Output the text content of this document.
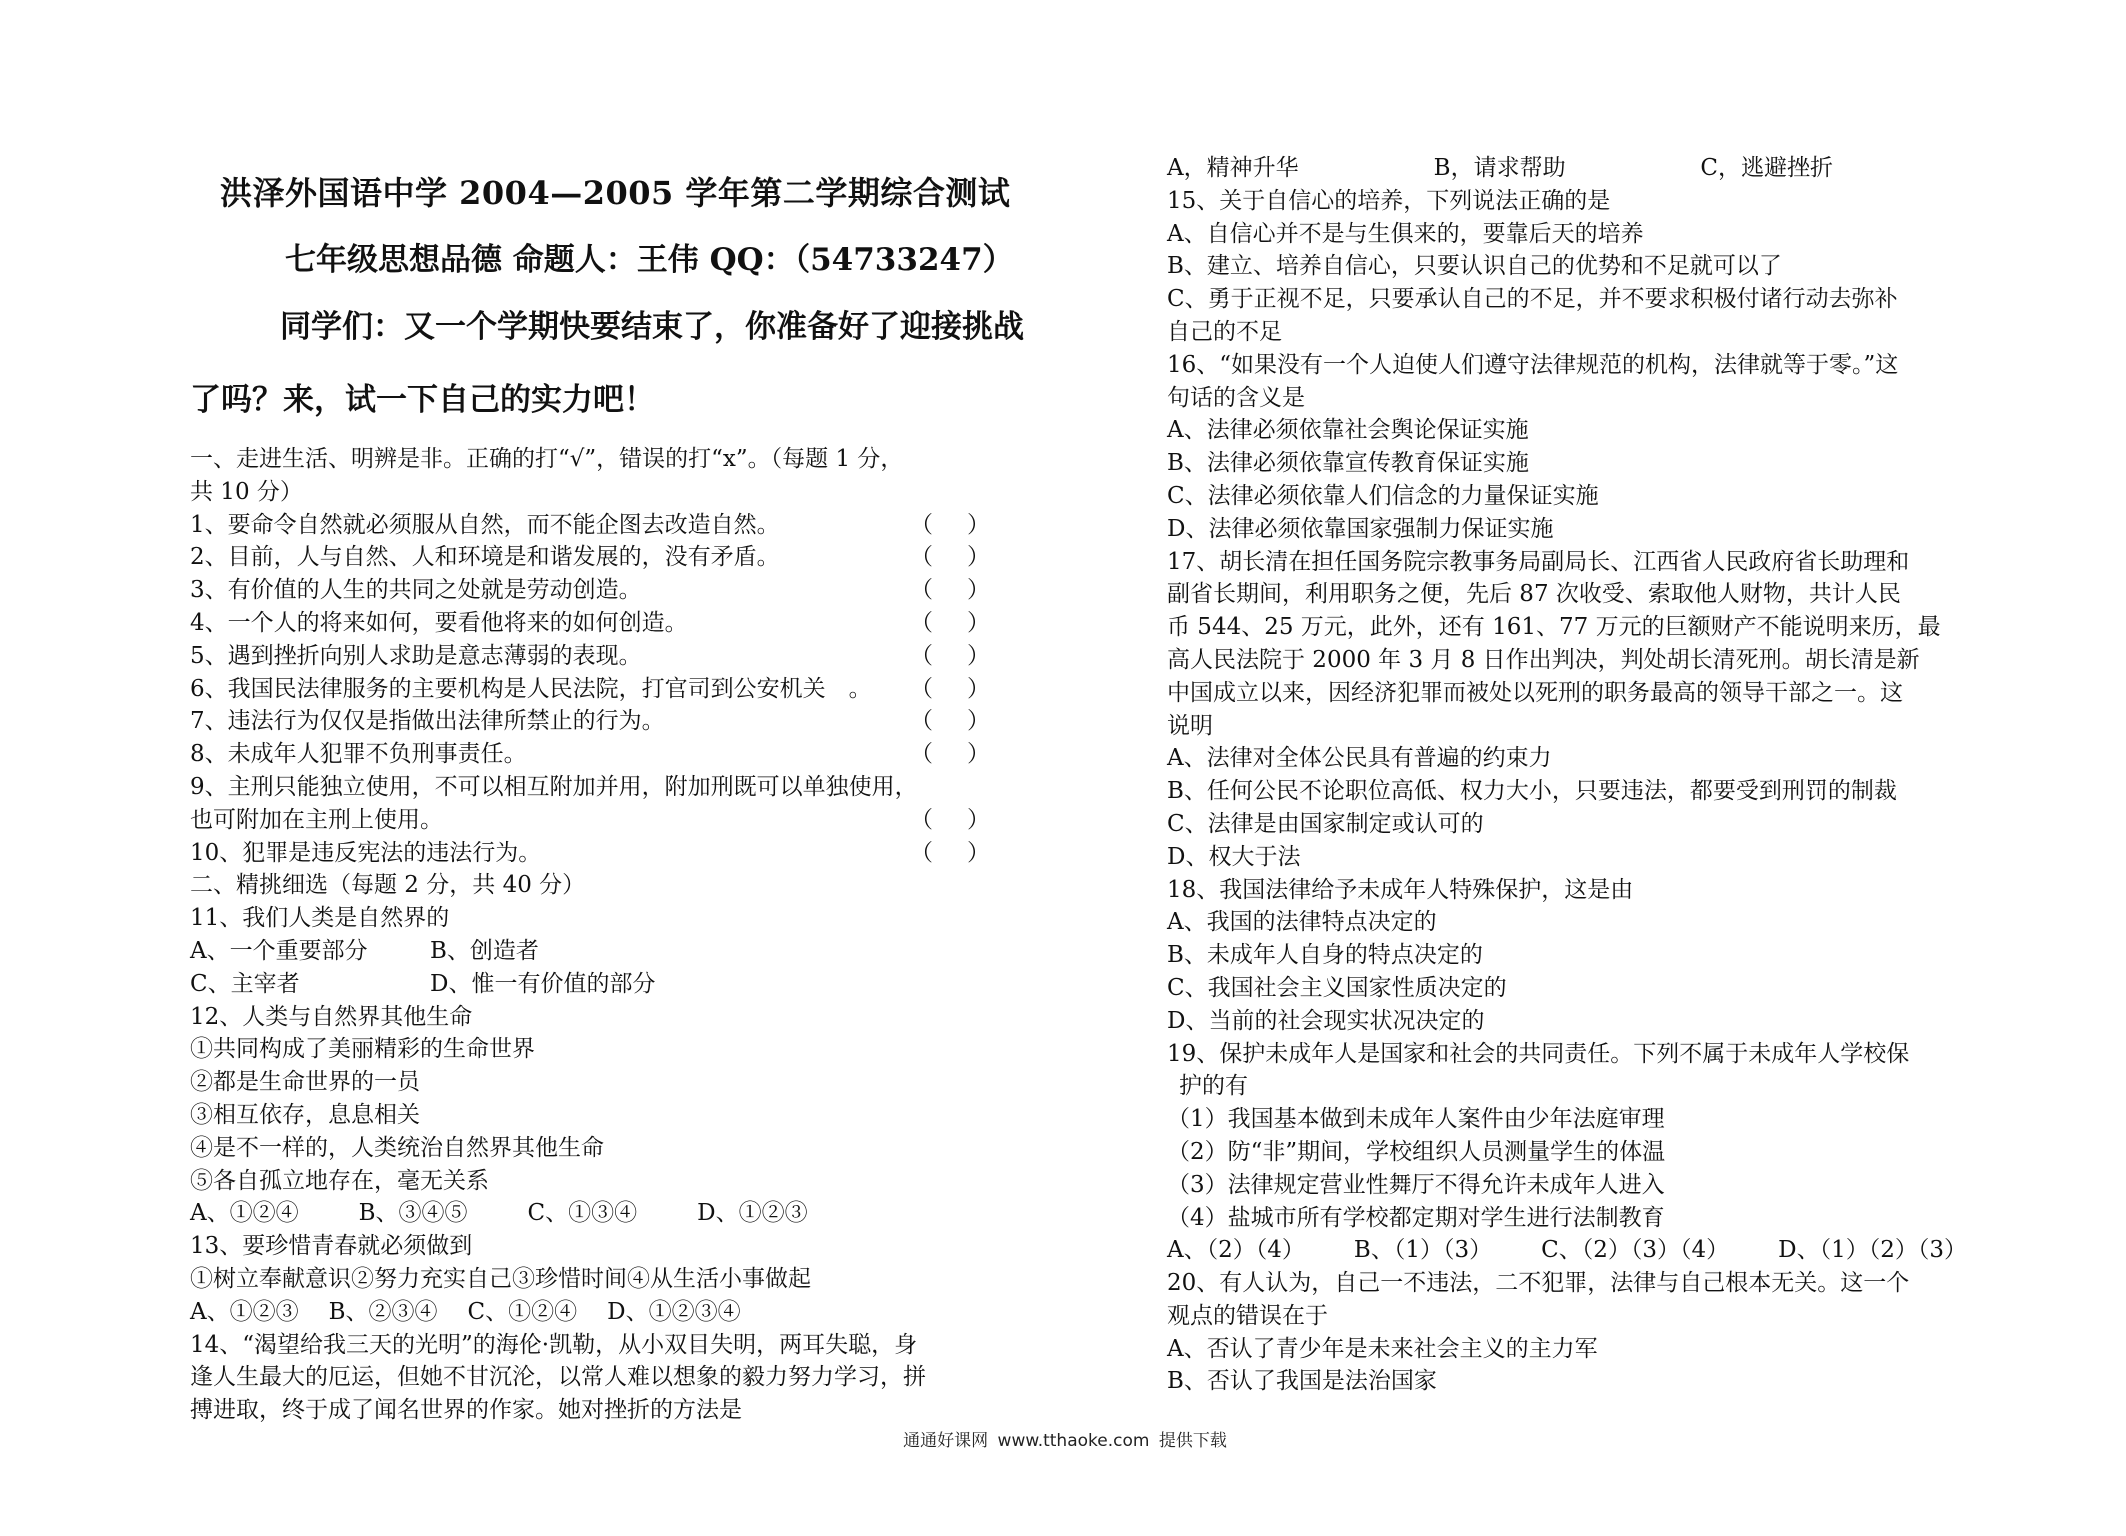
洪泽外国语中学 2004—2005 学年第二学期综合测试
七年级思想品德 命题人：王伟 QQ：（54733247）
同学们：又一个学期快要结束了，你准备好了迎接挑战
了吗？来，试一下自己的实力吧！
一、走进生活、明辨是非。正确的打“√”，错误的打“x”。（每题 1 分，
共 10 分）
1、要命令自然就必须服从自然，而不能企图去改造自然。	（ ）
2、目前，人与自然、人和环境是和谐发展的，没有矛盾。	（ ）
3、有价值的人生的共同之处就是劳动创造。	（ ）
4、一个人的将来如何，要看他将来的如何创造。	（ ）
5、遇到挫折向别人求助是意志薄弱的表现。	（ ）
6、我国民法律服务的主要机构是人民法院，打官司到公安机关　。	（ ）
7、违法行为仅仅是指做出法律所禁止的行为。	（ ）
8、未成年人犯罪不负刑事责任。	（ ）
9、主刑只能独立使用，不可以相互附加并用，附加刑既可以单独使用，
也可附加在主刑上使用。	（ ）
10、犯罪是违反宪法的违法行为。	（ ）
二、精挑细选（每题 2 分，共 40 分）
11、我们人类是自然界的
A、一个重要部分	B、创造者
C、主宰者	D、惟一有价值的部分
12、人类与自然界其他生命
①共同构成了美丽精彩的生命世界
②都是生命世界的一员
③相互依存，息息相关
④是不一样的，人类统治自然界其他生命
⑤各自孤立地存在，毫无关系
A、①②④	B、③④⑤	C、①③④	D、①②③
13、要珍惜青春就必须做到
①树立奉献意识②努力充实自己③珍惜时间④从生活小事做起
A、①②③ B、②③④ C、①②④ D、①②③④
14、“渴望给我三天的光明”的海伦·凯勒，从小双目失明，两耳失聪，身
逢人生最大的厄运，但她不甘沉沦，以常人难以想象的毅力努力学习，拼
搏进取，终于成了闻名世界的作家。她对挫折的方法是
A，精神升华	B，请求帮助	C，逃避挫折
15、关于自信心的培养，下列说法正确的是
A、自信心并不是与生俱来的，要靠后天的培养
B、建立、培养自信心，只要认识自己的优势和不足就可以了
C、勇于正视不足，只要承认自己的不足，并不要求积极付诸行动去弥补
自己的不足
16、“如果没有一个人迫使人们遵守法律规范的机构，法律就等于零。”这
句话的含义是
A、法律必须依靠社会舆论保证实施
B、法律必须依靠宣传教育保证实施
C、法律必须依靠人们信念的力量保证实施
D、法律必须依靠国家强制力保证实施
17、胡长清在担任国务院宗教事务局副局长、江西省人民政府省长助理和
副省长期间，利用职务之便，先后 87 次收受、索取他人财物，共计人民
币 544、25 万元，此外，还有 161、77 万元的巨额财产不能说明来历，最
高人民法院于 2000 年 3 月 8 日作出判决，判处胡长清死刑。胡长清是新
中国成立以来，因经济犯罪而被处以死刑的职务最高的领导干部之一。这
说明
A、法律对全体公民具有普遍的约束力
B、任何公民不论职位高低、权力大小，只要违法，都要受到刑罚的制裁
C、法律是由国家制定或认可的
D、权大于法
18、我国法律给予未成年人特殊保护，这是由
A、我国的法律特点决定的
B、未成年人自身的特点决定的
C、我国社会主义国家性质决定的
D、当前的社会现实状况决定的
19、保护未成年人是国家和社会的共同责任。下列不属于未成年人学校保
护的有
（1）我国基本做到未成年人案件由少年法庭审理
（2）防“非”期间，学校组织人员测量学生的体温
（3）法律规定营业性舞厅不得允许未成年人进入
（4）盐城市所有学校都定期对学生进行法制教育
A、（2）（4） B、（1）（3） C、（2）（3）（4） D、（1）（2）（3）
20、有人认为，自己一不违法，二不犯罪，法律与自己根本无关。这一个
观点的错误在于
A、否认了青少年是未来社会主义的主力军
B、否认了我国是法治国家
通通好课网 www.tthaoke.com 提供下载
